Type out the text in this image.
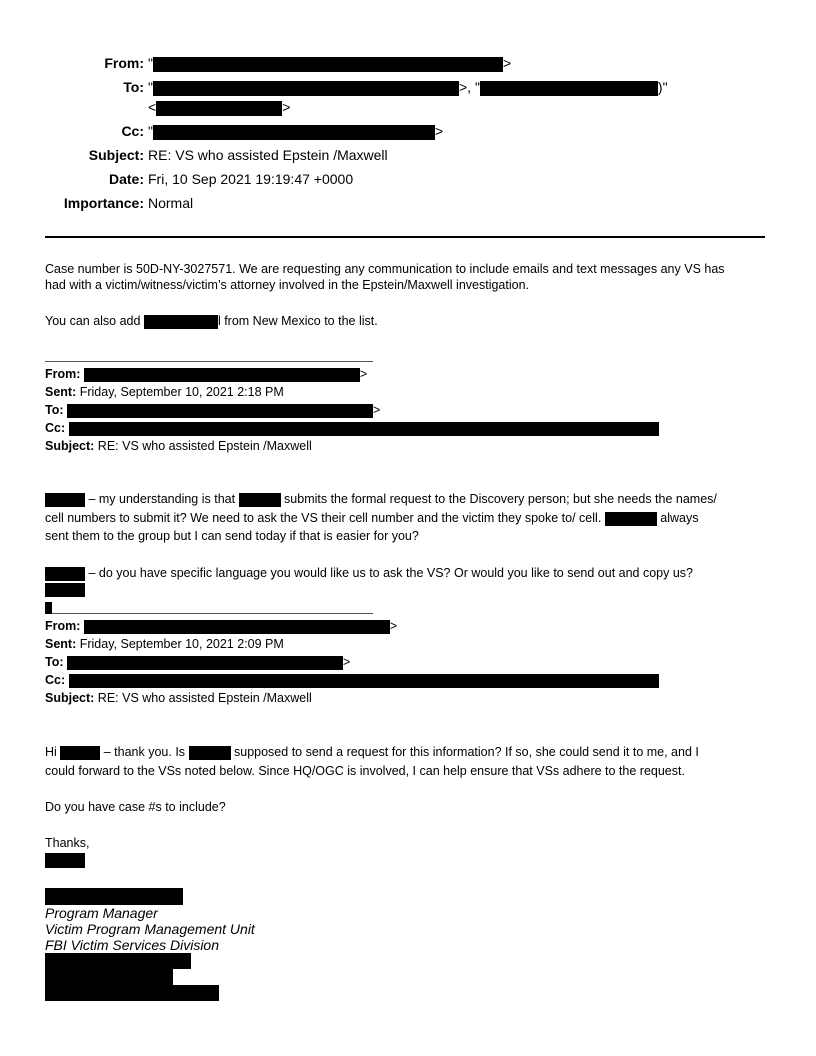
From: "	>
To: "	>, "	)"
<	>
Cc: "	>
Subject: RE: VS who assisted Epstein /Maxwell
Date: Fri, 10 Sep 2021 19:19:47 +0000
Importance: Normal
Case number is 50D-NY-3027571. We are requesting any communication to include emails and text messages any VS has
had with a victim/witness/victim’s attorney involved in the Epstein/Maxwell investigation.
You can also add	l from New Mexico to the list.
From:	>
Sent: Friday, September 10, 2021 2:18 PM
To:	>
Cc:
Subject: RE: VS who assisted Epstein /Maxwell
– my understanding is that	submits the formal request to the Discovery person; but she needs the names/
cell numbers to submit it? We need to ask the VS their cell number and the victim they spoke to/ cell.	always
sent them to the group but I can send today if that is easier for you?
– do you have specific language you would like us to ask the VS? Or would you like to send out and copy us?
From:	>
Sent: Friday, September 10, 2021 2:09 PM
To:	>
Cc:
Subject: RE: VS who assisted Epstein /Maxwell
Hi	– thank you. Is	supposed to send a request for this information? If so, she could send it to me, and I
could forward to the VSs noted below. Since HQ/OGC is involved, I can help ensure that VSs adhere to the request.
Do you have case #s to include?
Thanks,
Program Manager
Victim Program Management Unit
FBI Victim Services Division
